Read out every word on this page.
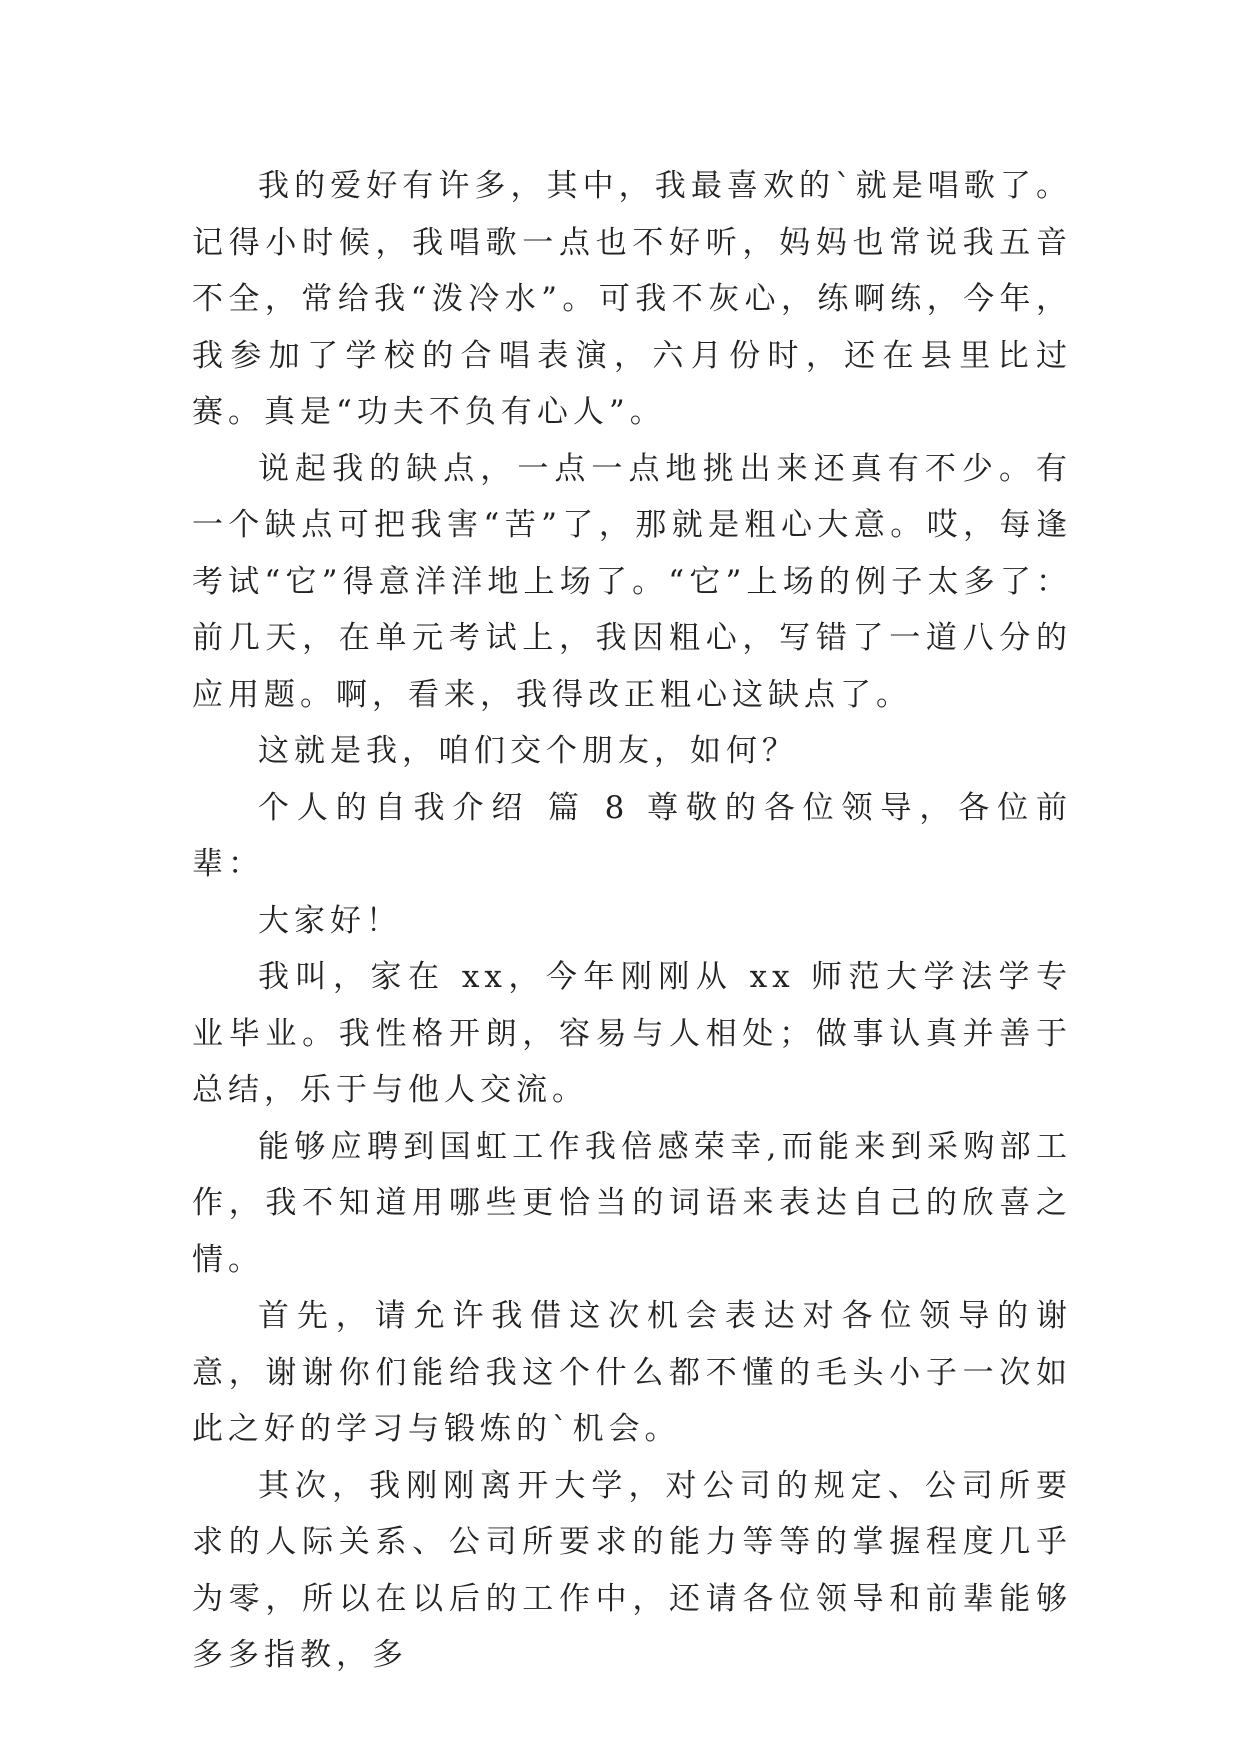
我的爱好有许多，其中，我最喜欢的`就是唱歌了。记得小时候，我唱歌一点也不好听，妈妈也常说我五音不全，常给我“泼冷水”。可我不灰心，练啊练，今年，我参加了学校的合唱表演，六月份时，还在县里比过赛。真是“功夫不负有心人”。

说起我的缺点，一点一点地挑出来还真有不少。有一个缺点可把我害“苦”了，那就是粗心大意。哎，每逢考试“它”得意洋洋地上场了。“它”上场的例子太多了：前几天，在单元考试上，我因粗心，写错了一道八分的应用题。啊，看来，我得改正粗心这缺点了。

这就是我，咱们交个朋友，如何？

个人的自我介绍 篇 8 尊敬的各位领导，各位前辈：

大家好！

我叫，家在 xx，今年刚刚从 xx 师范大学法学专业毕业。我性格开朗，容易与人相处；做事认真并善于总结，乐于与他人交流。

能够应聘到国虹工作我倍感荣幸,而能来到采购部工作，我不知道用哪些更恰当的词语来表达自己的欣喜之情。

首先，请允许我借这次机会表达对各位领导的谢意，谢谢你们能给我这个什么都不懂的毛头小子一次如此之好的学习与锻炼的`机会。

其次，我刚刚离开大学，对公司的规定、公司所要求的人际关系、公司所要求的能力等等的掌握程度几乎为零，所以在以后的工作中，还请各位领导和前辈能够多多指教，多
